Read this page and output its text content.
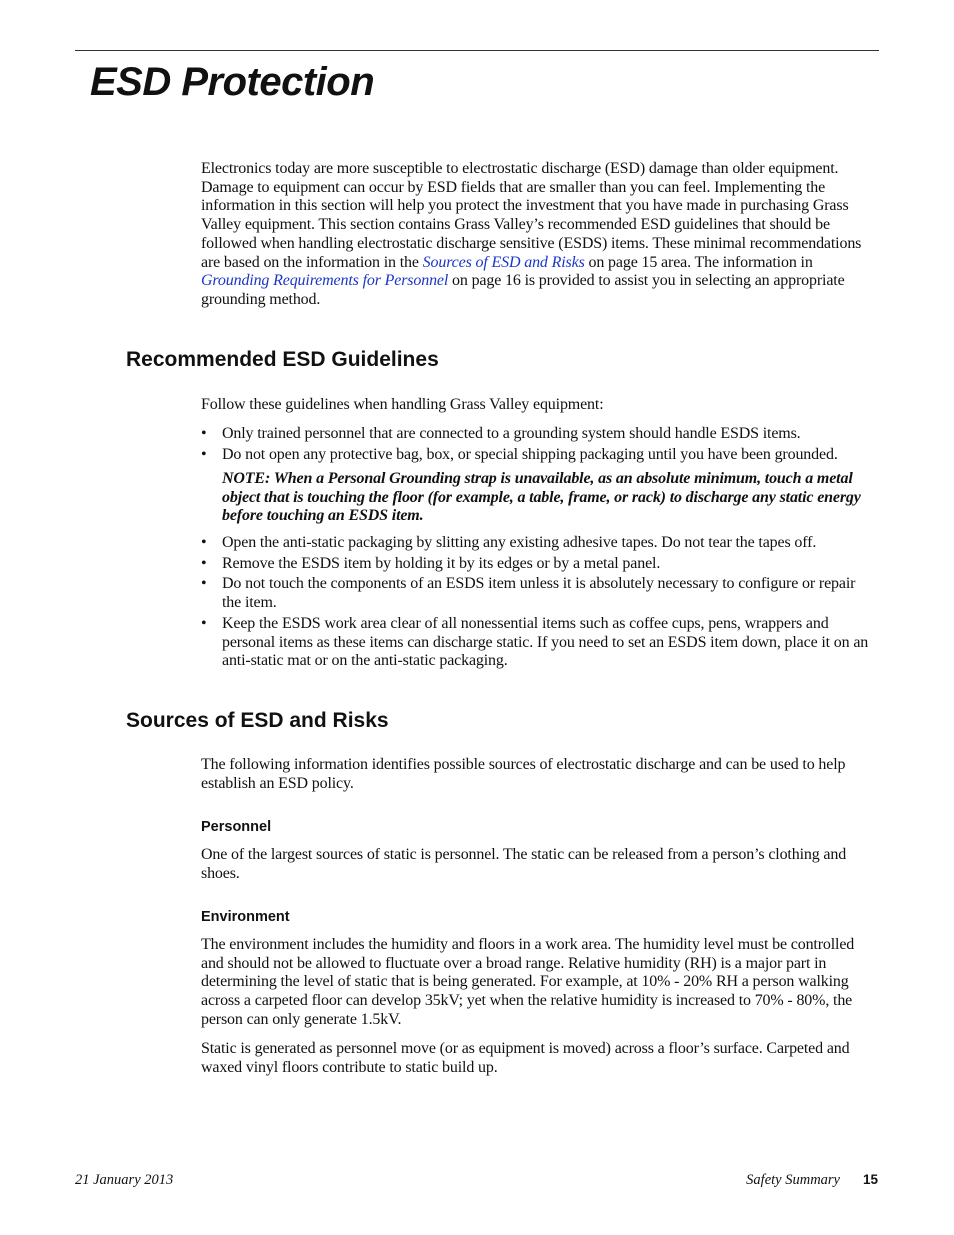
ESD Protection

Electronics today are more susceptible to electrostatic discharge (ESD) damage than older equipment. Damage to equipment can occur by ESD fields that are smaller than you can feel. Implementing the information in this section will help you protect the investment that you have made in purchasing Grass Valley equipment. This section contains Grass Valley’s recommended ESD guidelines that should be followed when handling electrostatic discharge sensitive (ESDS) items. These minimal recommendations are based on the information in the Sources of ESD and Risks on page 15 area. The information in Grounding Requirements for Personnel on page 16 is provided to assist you in selecting an appropriate grounding method.

Recommended ESD Guidelines

Follow these guidelines when handling Grass Valley equipment:

• Only trained personnel that are connected to a grounding system should handle ESDS items.
• Do not open any protective bag, box, or special shipping packaging until you have been grounded.

NOTE: When a Personal Grounding strap is unavailable, as an absolute minimum, touch a metal object that is touching the floor (for example, a table, frame, or rack) to discharge any static energy before touching an ESDS item.

• Open the anti-static packaging by slitting any existing adhesive tapes. Do not tear the tapes off.
• Remove the ESDS item by holding it by its edges or by a metal panel.
• Do not touch the components of an ESDS item unless it is absolutely necessary to configure or repair the item.
• Keep the ESDS work area clear of all nonessential items such as coffee cups, pens, wrappers and personal items as these items can discharge static. If you need to set an ESDS item down, place it on an anti-static mat or on the anti-static packaging.
Sources of ESD and Risks

The following information identifies possible sources of electrostatic discharge and can be used to help establish an ESD policy.

Personnel

One of the largest sources of static is personnel. The static can be released from a person’s clothing and shoes.

Environment

The environment includes the humidity and floors in a work area. The humidity level must be controlled and should not be allowed to fluctuate over a broad range. Relative humidity (RH) is a major part in determining the level of static that is being generated. For example, at 10% - 20% RH a person walking across a carpeted floor can develop 35kV; yet when the relative humidity is increased to 70% - 80%, the person can only generate 1.5kV.

Static is generated as personnel move (or as equipment is moved) across a floor’s surface. Carpeted and waxed vinyl floors contribute to static build up.

21 January 2013	Safety Summary 15
